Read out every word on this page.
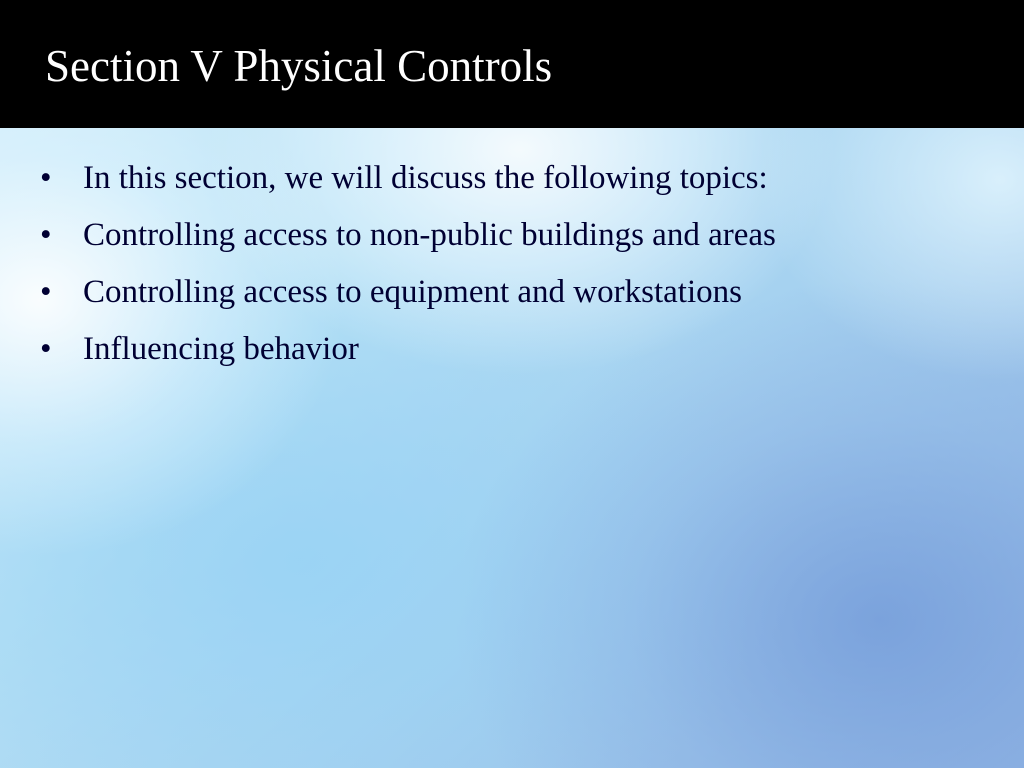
Section V Physical Controls
• In this section, we will discuss the following topics:
• Controlling access to non-public buildings and areas
• Controlling access to equipment and workstations
• Influencing behavior
